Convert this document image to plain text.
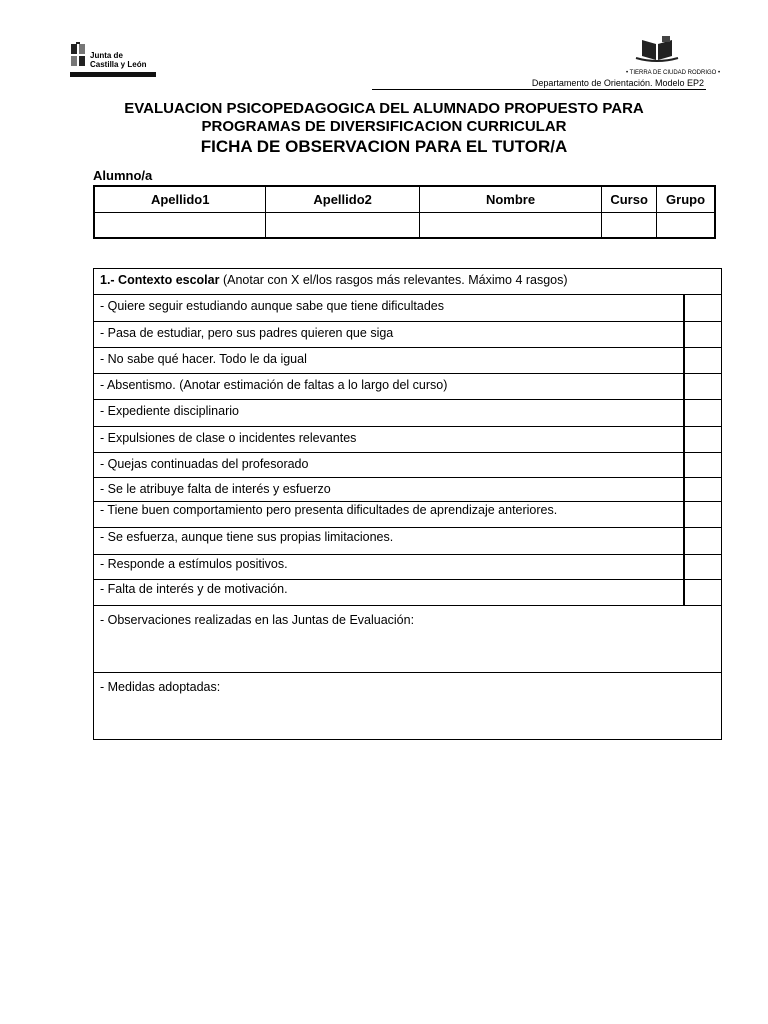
Junta de
Castilla y León
• TIERRA DE CIUDAD RODRIGO •
Departamento de Orientación. Modelo EP2
EVALUACION PSICOPEDAGOGICA DEL ALUMNADO PROPUESTO PARA
PROGRAMAS DE DIVERSIFICACION CURRICULAR
FICHA DE OBSERVACION PARA EL TUTOR/A
Alumno/a
Apellido1	Apellido2	Nombre	Curso	Grupo

1.- Contexto escolar (Anotar con X el/los rasgos más relevantes. Máximo 4 rasgos)
- Quiere seguir estudiando aunque sabe que tiene dificultades
- Pasa de estudiar, pero sus padres quieren que siga
- No sabe qué hacer. Todo le da igual
- Absentismo. (Anotar estimación de faltas a lo largo del curso)
- Expediente disciplinario
- Expulsiones de clase o incidentes relevantes
- Quejas continuadas del profesorado
- Se le atribuye falta de interés y esfuerzo
- Tiene buen comportamiento pero presenta dificultades de aprendizaje anteriores.
- Se esfuerza, aunque tiene sus propias limitaciones.
- Responde a estímulos positivos.
- Falta de interés y de motivación.
- Observaciones realizadas en las Juntas de Evaluación:
- Medidas adoptadas:
